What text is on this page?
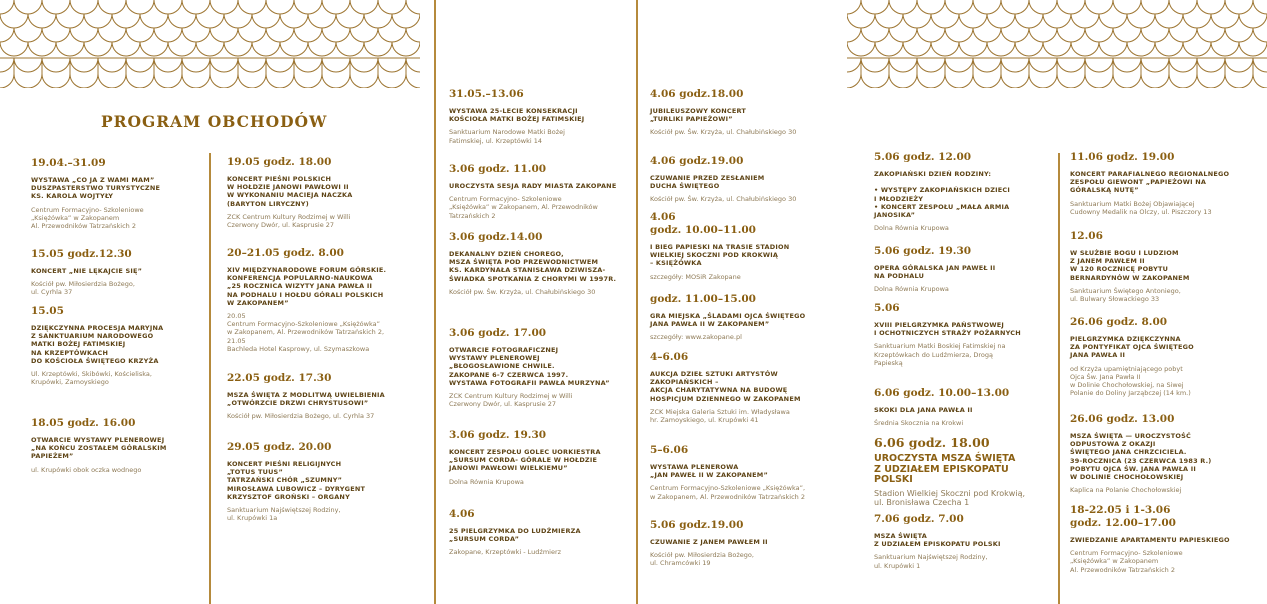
PROGRAM OBCHODÓW
19.04.–31.09
WYSTAWA „CO JA Z WAMI MAM”
DUSZPASTERSTWO TURYSTYCZNE
KS. KAROLA WOJTYŁY
Centrum Formacyjno- Szkoleniowe
„Księżówka” w Zakopanem
Al. Przewodników Tatrzańskich 2
15.05 godz.12.30
KONCERT „NIE LĘKAJCIE SIĘ”
Kościół pw. Miłosierdzia Bożego,
ul. Cyrhla 37
15.05
DZIĘKCZYNNA PROCESJA MARYJNA
Z SANKTUARIUM NARODOWEGO
MATKI BOŻEJ FATIMSKIEJ
NA KRZEPTÓWKACH
DO KOŚCIOŁA ŚWIĘTEGO KRZYŻA
Ul. Krzeptówki, Skibówki, Kościeliska,
Krupówki, Zamoyskiego
18.05 godz. 16.00
OTWARCIE WYSTAWY PLENEROWEJ
„NA KOŃCU ZOSTAŁEM GÓRALSKIM
PAPIEŻEM”
ul. Krupówki obok oczka wodnego
19.05 godz. 18.00
KONCERT PIEŚNI POLSKICH
W HOŁDZIE JANOWI PAWŁOWI II
W WYKONANIU MACIEJA NACZKA
(BARYTON LIRYCZNY)
ZCK Centrum Kultury Rodzimej w Willi
Czerwony Dwór, ul. Kasprusie 27
20–21.05 godz. 8.00
XIV MIĘDZYNARODOWE FORUM GÓRSKIE.
KONFERENCJA POPULARNO-NAUKOWA
„25 ROCZNICA WIZYTY JANA PAWŁA II
NA PODHALU I HOŁDU GÓRALI POLSKICH
W ZAKOPANEM”
20.05
Centrum Formacyjno-Szkoleniowe „Księżówka”
w Zakopanem, Al. Przewodników Tatrzańskich 2,
21.05
Bachleda Hotel Kasprowy, ul. Szymaszkowa
22.05 godz. 17.30
MSZA ŚWIĘTA Z MODLITWĄ UWIELBIENIA
„OTWÓRZCIE DRZWI CHRYSTUSOWI”
Kościół pw. Miłosierdzia Bożego, ul. Cyrhla 37
29.05 godz. 20.00
KONCERT PIEŚNI RELIGIJNYCH
„TOTUS TUUS”
TATRZAŃSKI CHÓR „SZUMNY”
MIROSŁAWA LUBOWICZ – DYRYGENT
KRZYSZTOF GROŃSKI – ORGANY
Sanktuarium Najświętszej Rodziny,
ul. Krupówki 1a
31.05.–13.06
WYSTAWA 25-LECIE KONSEKRACJI
KOŚCIOŁA MATKI BOŻEJ FATIMSKIEJ
Sanktuarium Narodowe Matki Bożej
Fatimskiej, ul. Krzeptówki 14
3.06 godz. 11.00
UROCZYSTA SESJA RADY MIASTA ZAKOPANE
Centrum Formacyjno- Szkoleniowe
„Księżówka” w Zakopanem, Al. Przewodników
Tatrzańskich 2
3.06 godz.14.00
DEKANALNY DZIEŃ CHOREGO,
MSZA ŚWIĘTA POD PRZEWODNICTWEM
KS. KARDYNAŁA STANISŁAWA DZIWISZA-
ŚWIADKA SPOTKANIA Z CHORYMI W 1997R.
Kościół pw. Św. Krzyża, ul. Chałubińskiego 30
3.06 godz. 17.00
OTWARCIE FOTOGRAFICZNEJ
WYSTAWY PLENEROWEJ
„BŁOGOSŁAWIONE CHWILE.
ZAKOPANE 6-7 CZERWCA 1997.
WYSTAWA FOTOGRAFII PAWŁA MURZYNA”
ZCK Centrum Kultury Rodzimej w Willi
Czerwony Dwór, ul. Kasprusie 27
3.06 godz. 19.30
KONCERT ZESPOŁU GOLEC UORKIESTRA
„SURSUM CORDA- GÓRALE W HOŁDZIE
JANOWI PAWŁOWI WIELKIEMU”
Dolna Równia Krupowa
4.06
25 PIELGRZYMKA DO LUDŹMIERZA
„SURSUM CORDA”
Zakopane, Krzeptówki - Ludźmierz
4.06 godz.18.00
JUBILEUSZOWY KONCERT
„TURLIKI PAPIEŻOWI”
Kościół pw. Św. Krzyża, ul. Chałubińskiego 30
4.06 godz.19.00
CZUWANIE PRZED ZESŁANIEM
DUCHA ŚWIĘTEGO
Kościół pw. Św. Krzyża, ul. Chałubińskiego 30
4.06
godz. 10.00–11.00
I BIEG PAPIESKI NA TRASIE STADION
WIELKIEJ SKOCZNI POD KROKWIĄ
– KSIĘŻÓWKA
szczegóły: MOSiR Zakopane
godz. 11.00–15.00
GRA MIEJSKA „ŚLADAMI OJCA ŚWIĘTEGO
JANA PAWŁA II W ZAKOPANEM”
szczegóły: www.zakopane.pl
4–6.06
AUKCJA DZIEŁ SZTUKI ARTYSTÓW
ZAKOPIAŃSKICH –
AKCJA CHARYTATYWNA NA BUDOWĘ
HOSPICJUM DZIENNEGO W ZAKOPANEM
ZCK Miejska Galeria Sztuki im. Władysława
hr. Zamoyskiego, ul. Krupówki 41
5–6.06
WYSTAWA PLENEROWA
„JAN PAWEŁ II W ZAKOPANEM”
Centrum Formacyjno-Szkoleniowe „Księżówka”,
w Zakopanem, Al. Przewodników Tatrzańskich 2
5.06 godz.19.00
CZUWANIE Z JANEM PAWŁEM II
Kościół pw. Miłosierdzia Bożego,
ul. Chramcówki 19
5.06 godz. 12.00
ZAKOPIAŃSKI DZIEŃ RODZINY:

• WYSTĘPY ZAKOPIAŃSKICH DZIECI
I MŁODZIEŻY
• KONCERT ZESPOŁU „MAŁA ARMIA
JANOSIKA”
Dolna Równia Krupowa
5.06 godz. 19.30
OPERA GÓRALSKA JAN PAWEŁ II
NA PODHALU
Dolna Równia Krupowa
5.06
XVIII PIELGRZYMKA PAŃSTWOWEJ
I OCHOTNICZYCH STRAŻY POŻARNYCH
Sanktuarium Matki Boskiej Fatimskiej na
Krzeptówkach do Ludźmierza, Drogą
Papieską
6.06 godz. 10.00–13.00
SKOKI DLA JANA PAWŁA II
Średnia Skocznia na Krokwi
6.06 godz. 18.00
UROCZYSTA MSZA ŚWIĘTA
Z UDZIAŁEM EPISKOPATU
POLSKI
Stadion Wielkiej Skoczni pod Krokwią,
ul. Bronisława Czecha 1
7.06 godz. 7.00
MSZA ŚWIĘTA
Z UDZIAŁEM EPISKOPATU POLSKI
Sanktuarium Najświętszej Rodziny,
ul. Krupówki 1
11.06 godz. 19.00
KONCERT PARAFIALNEGO REGIONALNEGO
ZESPOŁU GIEWONT „PAPIEŻOWI NA
GÓRALSKĄ NUTĘ”
Sanktuarium Matki Bożej Objawiającej
Cudowny Medalik na Olczy, ul. Piszczory 13
12.06
W SŁUŻBIE BOGU I LUDZIOM
Z JANEM PAWŁEM II
W 120 ROCZNICĘ POBYTU
BERNARDYNÓW W ZAKOPANEM
Sanktuarium Świętego Antoniego,
ul. Bulwary Słowackiego 33
26.06 godz. 8.00
PIELGRZYMKA DZIĘKCZYNNA
ZA PONTYFIKAT OJCA ŚWIĘTEGO
JANA PAWŁA II
od Krzyża upamiętniającego pobyt
Ojca Św. Jana Pawła II
w Dolinie Chochołowskiej, na Siwej
Polanie do Doliny Jarząbczej (14 km.)
26.06 godz. 13.00
MSZA ŚWIĘTA — UROCZYSTOŚĆ
ODPUSTOWA Z OKAZJI
ŚWIĘTEGO JANA CHRZCICIELA.
39-ROCZNICA (23 CZERWCA 1983 R.)
POBYTU OJCA ŚW. JANA PAWŁA II
W DOLINIE CHOCHOŁOWSKIEJ
Kaplica na Polanie Chochołowskiej
18-22.05 i 1-3.06
godz. 12.00–17.00
ZWIEDZANIE APARTAMENTU PAPIESKIEGO
Centrum Formacyjno- Szkoleniowe
„Księżówka” w Zakopanem
Al. Przewodników Tatrzańskich 2
